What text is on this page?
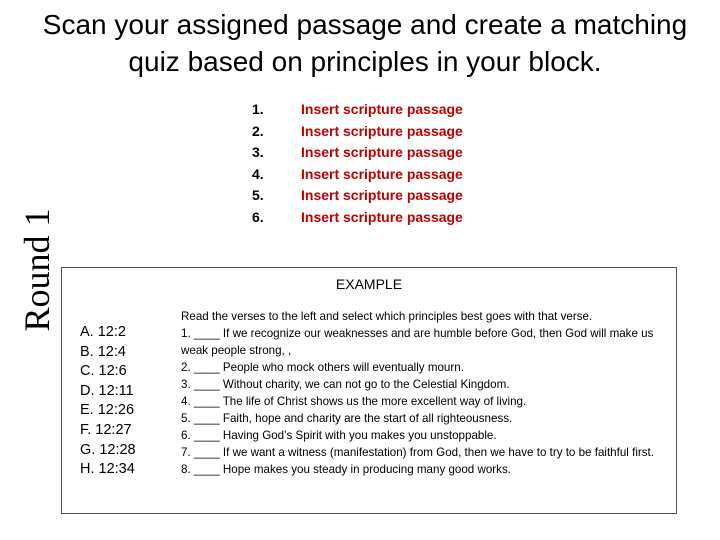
Scan your assigned passage and create a matching quiz based on principles in your block.
Round 1
1.	Insert scripture passage
2.	Insert scripture passage
3.	Insert scripture passage
4.	Insert scripture passage
5.	Insert scripture passage
6.	Insert scripture passage
EXAMPLE
A. 12:2
B. 12:4
C. 12:6
D. 12:11
E. 12:26
F. 12:27
G. 12:28
H. 12:34
Read the verses to the left and select which principles best goes with that verse.
1. ____ If we recognize our weaknesses and are humble before God, then God will make us weak people strong, ,
2. ____ People who mock others will eventually mourn.
3. ____ Without charity, we can not go to the Celestial Kingdom.
4. ____ The life of Christ shows us the more excellent way of living.
5. ____ Faith, hope and charity are the start of all righteousness.
6. ____ Having God’s Spirit with you makes you unstoppable.
7. ____ If we want a witness (manifestation) from God, then we have to try to be faithful first.
8. ____ Hope makes you steady in producing many good works.
